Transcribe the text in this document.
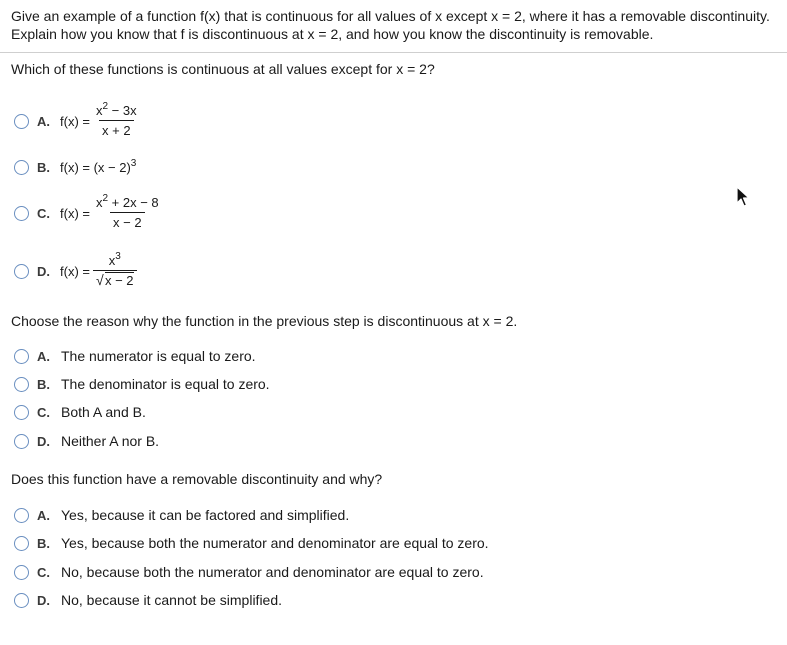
Give an example of a function f(x) that is continuous for all values of x except x = 2, where it has a removable discontinuity. Explain how you know that f is discontinuous at x = 2, and how you know the discontinuity is removable.
Which of these functions is continuous at all values except for x = 2?
A. $f(x) = \frac{x^2 - 3x}{x + 2}$
B. $f(x) = (x - 2)^3$
C. $f(x) = \frac{x^2 + 2x - 8}{x - 2}$
D. $f(x) = \frac{x^3}{√ x - 2}$
Choose the reason why the function in the previous step is discontinuous at x = 2.
A. The numerator is equal to zero.
B. The denominator is equal to zero.
C. Both A and B.
D. Neither A nor B.
Does this function have a removable discontinuity and why?
A. Yes, because it can be factored and simplified.
B. Yes, because both the numerator and denominator are equal to zero.
C. No, because both the numerator and denominator are equal to zero.
D. No, because it cannot be simplified.
